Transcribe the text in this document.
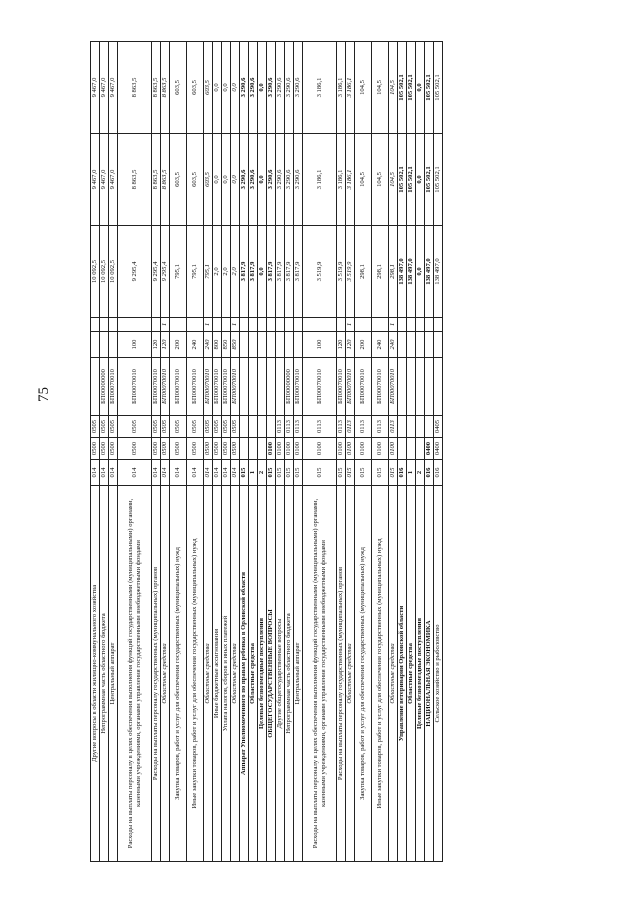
75
Другие вопросы в области жилищно-коммунального хозяйства	014	0500	0505				10 092,5	9 467,0	9 467,0
Непрограммная часть областного бюджета	014	0500	0505	БП00000000			10 092,5	9 467,0	9 467,0
Центральный аппарат	014	0500	0505	БП00070010			10 092,5	9 467,0	9 467,0
Расходы на выплаты персоналу в целях обеспечения выполнения функций государственными (муниципальными) органами, казенными учреждениями, органами управления государственными внебюджетными фондами	014	0500	0505	БП00070010	100		9 295,4	8 863,5	8 863,5
Расходы на выплаты персоналу государственных (муниципальных) органов	014	0500	0505	БП00070010	120		9 295,4	8 863,5	8 863,5
Областные средства	014	0500	0505	БП00070010	120	1	9 295,4	8 863,5	8 863,5
Закупка товаров, работ и услуг для обеспечения государственных (муниципальных) нужд	014	0500	0505	БП00070010	200		795,1	603,5	603,5
Иные закупки товаров, работ и услуг для обеспечения государственных (муниципальных) нужд	014	0500	0505	БП00070010	240		795,1	603,5	603,5
Областные средства	014	0500	0505	БП00070010	240	1	795,1	603,5	603,5
Иные бюджетные ассигнования	014	0500	0505	БП00070010	800		2,0	0,0	0,0
Уплата налогов, сборов и иных платежей	014	0500	0505	БП00070010	850		2,0	0,0	0,0
Областные средства	014	0500	0505	БП00070010	850	1	2,0	0,0	0,0
Аппарат Уполномоченного по правам ребенка в Орловской области	015						3 817,9	3 290,6	3 290,6
Областные средства	1						3 817,9	3 290,6	3 290,6
Целевые безвозмездные поступления	2						0,0	0,0	0,0
ОБЩЕГОСУДАРСТВЕННЫЕ ВОПРОСЫ	015	0100					3 817,9	3 290,6	3 290,6
Другие общегосударственные вопросы	015	0100	0113				3 817,9	3 290,6	3 290,6
Непрограммная часть областного бюджета	015	0100	0113	БП00000000			3 817,9	3 290,6	3 290,6
Центральный аппарат	015	0100	0113	БП00070010			3 817,9	3 290,6	3 290,6
Расходы на выплаты персоналу в целях обеспечения выполнения функций государственными (муниципальными) органами, казенными учреждениями, органами управления государственными внебюджетными фондами	015	0100	0113	БП00070010	100		3 519,9	3 186,1	3 186,1
Расходы на выплаты персоналу государственных (муниципальных) органов	015	0100	0113	БП00070010	120		3 519,9	3 186,1	3 186,1
Областные средства	015	0100	0113	БП00070010	120	1	3 519,9	3 186,1	3 186,1
Закупка товаров, работ и услуг для обеспечения государственных (муниципальных) нужд	015	0100	0113	БП00070010	200		298,1	104,5	104,5
Иные закупки товаров, работ и услуг для обеспечения государственных (муниципальных) нужд	015	0100	0113	БП00070010	240		298,1	104,5	104,5
Областные средства	015	0100	0113	БП00070010	240	1	298,1	104,5	104,5
Управление ветеринарии Орловской области	016						138 497,0	105 502,1	105 502,1
Областные средства	1						138 497,0	105 502,1	105 502,1
Целевые безвозмездные поступления	2						0,0	0,0	0,0
НАЦИОНАЛЬНАЯ ЭКОНОМИКА	016	0400					138 497,0	105 502,1	105 502,1
Сельское хозяйство и рыболовство	016	0400	0405				138 497,0	105 502,1	105 502,1
